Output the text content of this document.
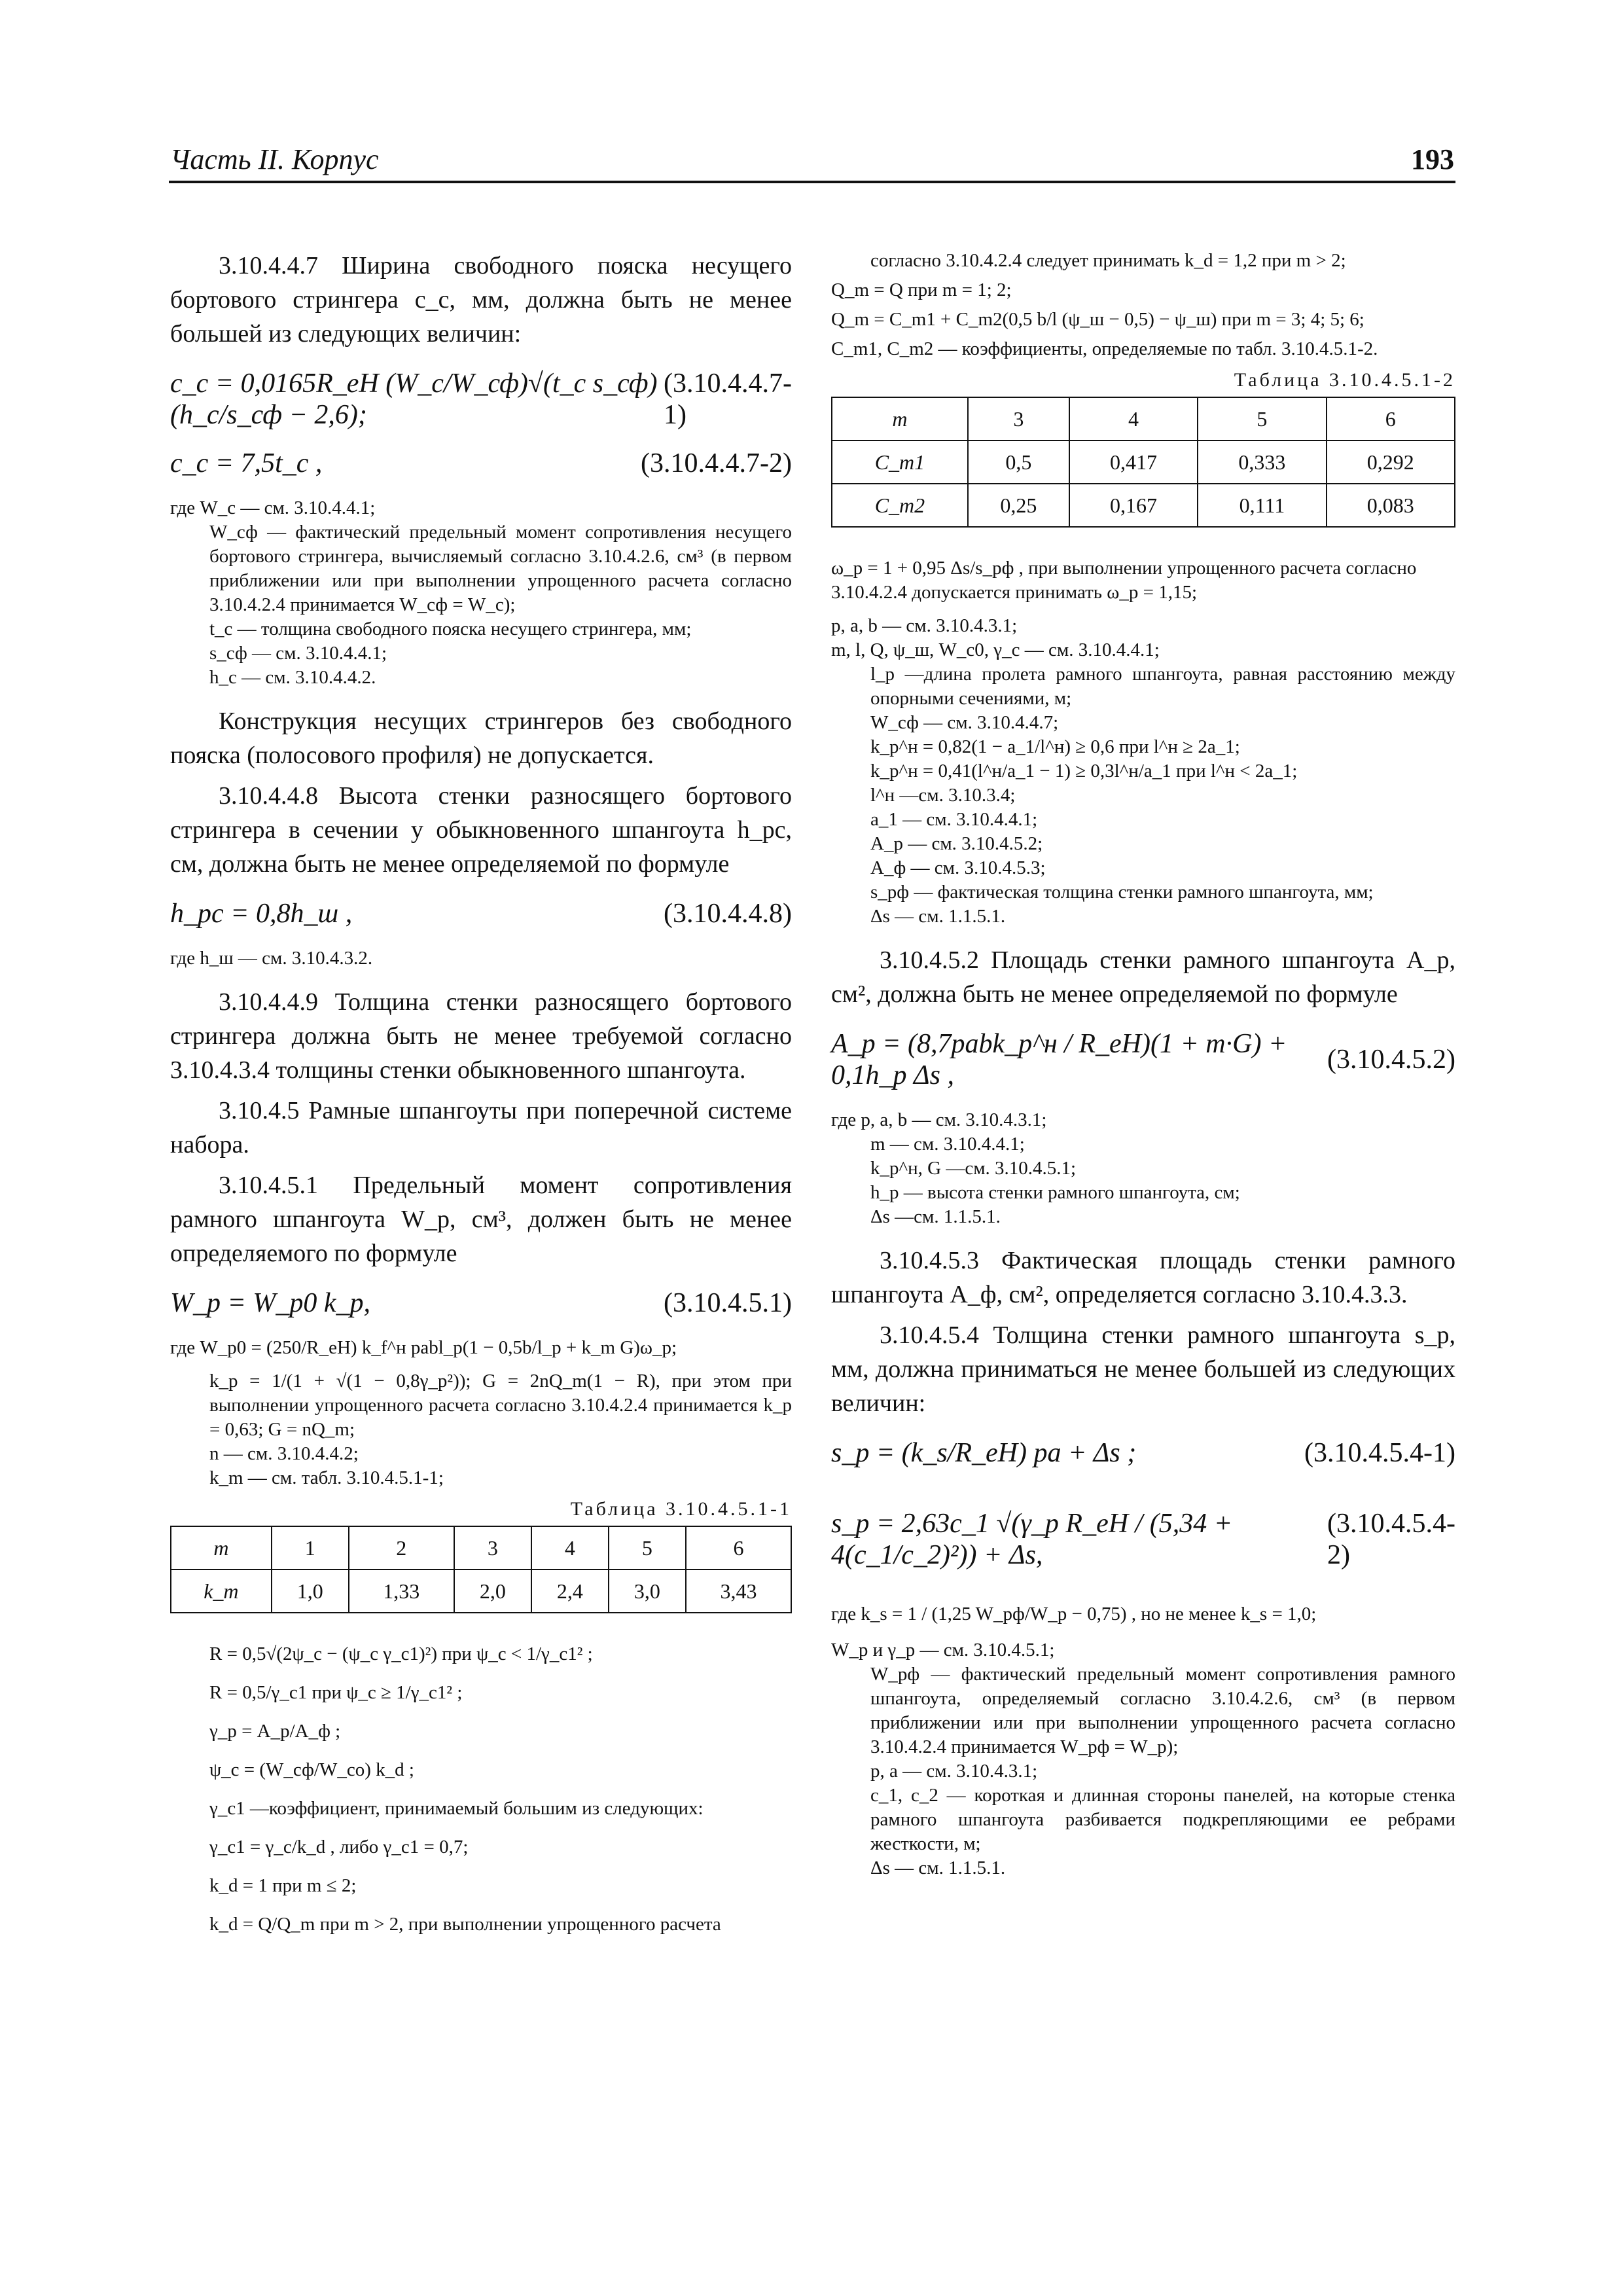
Часть II. Корпус	193

3.10.4.4.7 Ширина свободного пояска несущего бортового стрингера c_c, мм, должна быть не менее большей из следующих величин:

c_c = 0,0165R_eH (W_c/W_сф)√(t_c s_сф) (h_c/s_сф − 2,6);
(3.10.4.4.7-1)
c_c = 7,5t_c ,	(3.10.4.4.7-2)
где W_c — см. 3.10.4.4.1;
W_сф — фактический предельный момент сопротивления несущего бортового стрингера, вычисляемый согласно 3.10.4.2.6, см³ (в первом приближении или при выполнении упрощенного расчета согласно 3.10.4.2.4 принимается W_сф = W_c);
t_c — толщина свободного пояска несущего стрингера, мм;
s_сф — см. 3.10.4.4.1;
h_c — см. 3.10.4.4.2.

Конструкция несущих стрингеров без свободного пояска (полосового профиля) не допускается.

3.10.4.4.8 Высота стенки разносящего бортового стрингера в сечении у обыкновенного шпангоута h_рс, см, должна быть не менее определяемой по формуле

h_рс = 0,8h_ш ,	(3.10.4.4.8)
где h_ш — см. 3.10.4.3.2.

3.10.4.4.9 Толщина стенки разносящего бортового стрингера должна быть не менее требуемой согласно 3.10.4.3.4 толщины стенки обыкновенного шпангоута.

3.10.4.5 Рамные шпангоуты при поперечной системе набора.

3.10.4.5.1 Предельный момент сопротивления рамного шпангоута W_р, см³, должен быть не менее определяемого по формуле

W_р = W_р0 k_р,	(3.10.4.5.1)
где W_р0 = (250/R_eH) k_f^н pabl_р(1 − 0,5b/l_р + k_m G)ω_р;
k_р = 1/(1 + √(1 − 0,8γ_р²)); G = 2nQ_m(1 − R), при этом при выполнении упрощенного расчета согласно 3.10.4.2.4 принимается k_р = 0,63; G = nQ_m;
n — см. 3.10.4.4.2;
k_m — см. табл. 3.10.4.5.1-1;
Таблица 3.10.4.5.1-1
m	1	2	3	4	5	6
k_m	1,0	1,33	2,0	2,4	3,0	3,43
R = 0,5√(2ψ_c − (ψ_c γ_c1)²) при ψ_c < 1/γ_c1² ;
R = 0,5/γ_c1 при ψ_c ≥ 1/γ_c1² ;
γ_р = A_р/A_ф ;
ψ_c = (W_сф/W_co) k_d ;
γ_c1 —коэффициент, принимаемый большим из следующих:
γ_c1 = γ_c/k_d , либо γ_c1 = 0,7;
k_d = 1 при m ≤ 2;
k_d = Q/Q_m при m > 2, при выполнении упрощенного расчета
согласно 3.10.4.2.4 следует принимать k_d = 1,2 при m > 2;
Q_m = Q при m = 1; 2;
Q_m = C_m1 + C_m2(0,5 b/l (ψ_ш − 0,5) − ψ_ш) при m = 3; 4; 5; 6;
C_m1, C_m2 — коэффициенты, определяемые по табл. 3.10.4.5.1-2.
Таблица 3.10.4.5.1-2
m	3	4	5	6
C_m1	0,5	0,417	0,333	0,292
C_m2	0,25	0,167	0,111	0,083
ω_р = 1 + 0,95 Δs/s_рф , при выполнении упрощенного расчета согласно 3.10.4.2.4 допускается принимать ω_р = 1,15;
p, a, b — см. 3.10.4.3.1;
m, l, Q, ψ_ш, W_c0, γ_c — см. 3.10.4.4.1;
l_р —длина пролета рамного шпангоута, равная расстоянию между опорными сечениями, м;
W_сф — см. 3.10.4.4.7;
k_р^н = 0,82(1 − a_1/l^н) ≥ 0,6 при l^н ≥ 2a_1;
k_р^н = 0,41(l^н/a_1 − 1) ≥ 0,3l^н/a_1 при l^н < 2a_1;
l^н —см. 3.10.3.4;
a_1 — см. 3.10.4.4.1;
A_р — см. 3.10.4.5.2;
A_ф — см. 3.10.4.5.3;
s_рф — фактическая толщина стенки рамного шпангоута, мм;
Δs — см. 1.1.5.1.

3.10.4.5.2 Площадь стенки рамного шпангоута A_р, см², должна быть не менее определяемой по формуле

A_р = (8,7pabk_р^н / R_eH)(1 + m·G) + 0,1h_р Δs ,
(3.10.4.5.2)
где p, a, b — см. 3.10.4.3.1;
m — см. 3.10.4.4.1;
k_р^н, G —см. 3.10.4.5.1;
h_р — высота стенки рамного шпангоута, см;
Δs —см. 1.1.5.1.

3.10.4.5.3 Фактическая площадь стенки рамного шпангоута A_ф, см², определяется согласно 3.10.4.3.3.

3.10.4.5.4 Толщина стенки рамного шпангоута s_р, мм, должна приниматься не менее большей из следующих величин:

s_р = (k_s/R_eH) pa + Δs ;	(3.10.4.5.4-1)
s_р = 2,63c_1 √(γ_р R_eH / (5,34 + 4(c_1/c_2)²)) + Δs,
(3.10.4.5.4-2)
где k_s = 1 / (1,25 W_рф/W_р − 0,75) , но не менее k_s = 1,0;
W_р и γ_р — см. 3.10.4.5.1;
W_рф — фактический предельный момент сопротивления рамного шпангоута, определяемый согласно 3.10.4.2.6, см³ (в первом приближении или при выполнении упрощенного расчета согласно 3.10.4.2.4 принимается W_рф = W_р);
p, a — см. 3.10.4.3.1;
c_1, c_2 — короткая и длинная стороны панелей, на которые стенка рамного шпангоута разбивается подкрепляющими ее ребрами жесткости, м;
Δs — см. 1.1.5.1.
